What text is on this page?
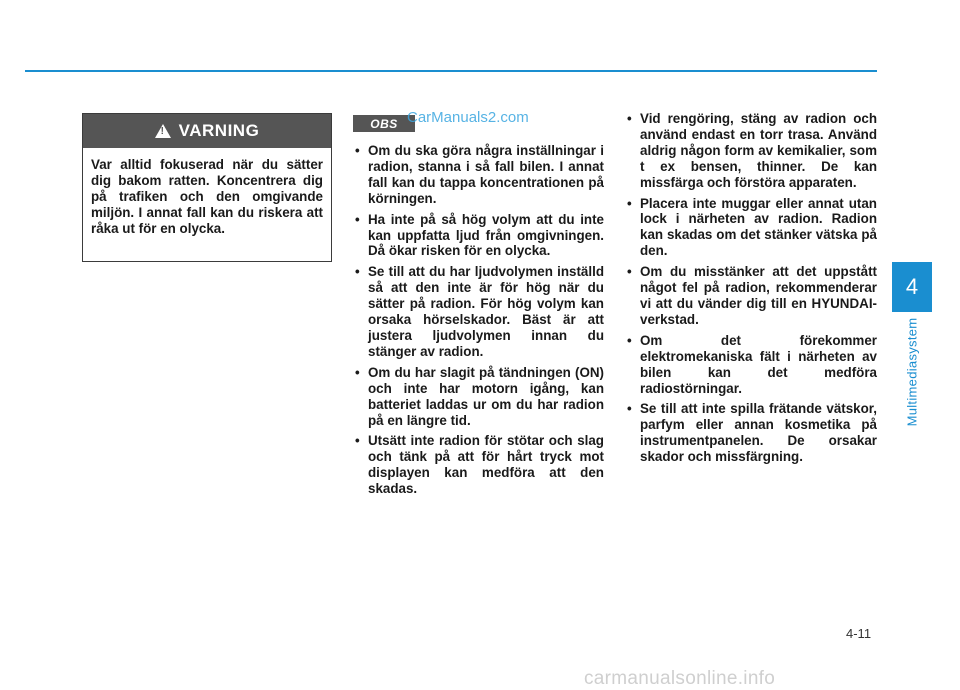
! VARNING
Var alltid fokuserad när du sätter dig bakom ratten. Koncentrera dig på trafiken och den omgivande miljön. I annat fall kan du riskera att råka ut för en olycka.
OBS CarManuals2.com
• Om du ska göra några inställningar i radion, stanna i så fall bilen. I annat fall kan du tappa koncentrationen på körningen.
• Ha inte på så hög volym att du inte kan uppfatta ljud från omgivningen. Då ökar risken för en olycka.
• Se till att du har ljudvolymen inställd så att den inte är för hög när du sätter på radion. För hög volym kan orsaka hörselskador. Bäst är att justera ljudvolymen innan du stänger av radion.
• Om du har slagit på tändningen (ON) och inte har motorn igång, kan batteriet laddas ur om du har radion på en längre tid.
• Utsätt inte radion för stötar och slag och tänk på att för hårt tryck mot displayen kan medföra att den skadas.
• Vid rengöring, stäng av radion och använd endast en torr trasa. Använd aldrig någon form av kemikalier, som t ex bensen, thinner. De kan missfärga och förstöra apparaten.
• Placera inte muggar eller annat utan lock i närheten av radion. Radion kan skadas om det stänker vätska på den.
• Om du misstänker att det uppstått något fel på radion, rekommenderar vi att du vänder dig till en HYUNDAI-verkstad.
• Om det förekommer elektromekaniska fält i närheten av bilen kan det medföra radiostörningar.
• Se till att inte spilla frätande vätskor, parfym eller annan kosmetika på instrumentpanelen. De orsakar skador och missfärgning.
4
Multimediasystem
4-11
carmanualsonline.info
